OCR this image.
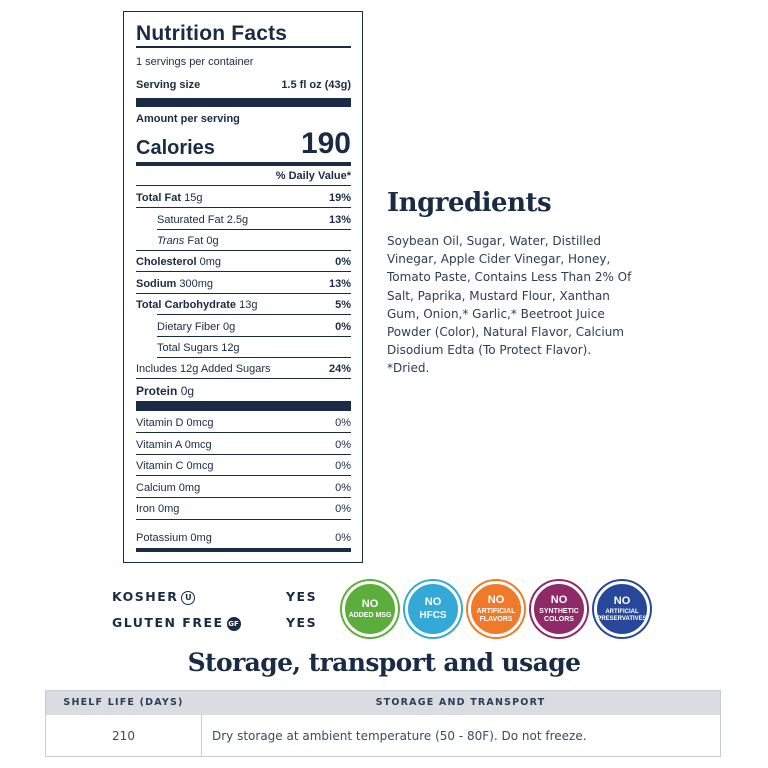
Nutrition Facts
1 servings per container
Serving size	1.5 fl oz (43g)
Amount per serving
Calories	190
% Daily Value*
Total Fat 15g	19%
Saturated Fat 2.5g	13%
Trans Fat 0g
Cholesterol 0mg	0%
Sodium 300mg	13%
Total Carbohydrate 13g	5%
Dietary Fiber 0g	0%
Total Sugars 12g
Includes 12g Added Sugars	24%
Protein 0g
Vitamin D 0mcg	0%
Vitamin A 0mcg	0%
Vitamin C 0mcg	0%
Calcium 0mg	0%
Iron 0mg	0%
Potassium 0mg	0%
Ingredients
Soybean Oil, Sugar, Water, Distilled Vinegar, Apple Cider Vinegar, Honey, Tomato Paste, Contains Less Than 2% Of Salt, Paprika, Mustard Flour, Xanthan Gum, Onion,* Garlic,* Beetroot Juice Powder (Color), Natural Flavor, Calcium Disodium Edta (To Protect Flavor). *Dried.
KOSHER U	YES
GLUTEN FREE GF	YES
NO
ADDED MSG
NO
HFCS
NO
ARTIFICIAL FLAVORS
NO
SYNTHETIC COLORS
NO
ARTIFICIAL PRESERVATIVES
Storage, transport and usage
SHELF LIFE (DAYS)	STORAGE AND TRANSPORT
210	Dry storage at ambient temperature (50 - 80F). Do not freeze.
